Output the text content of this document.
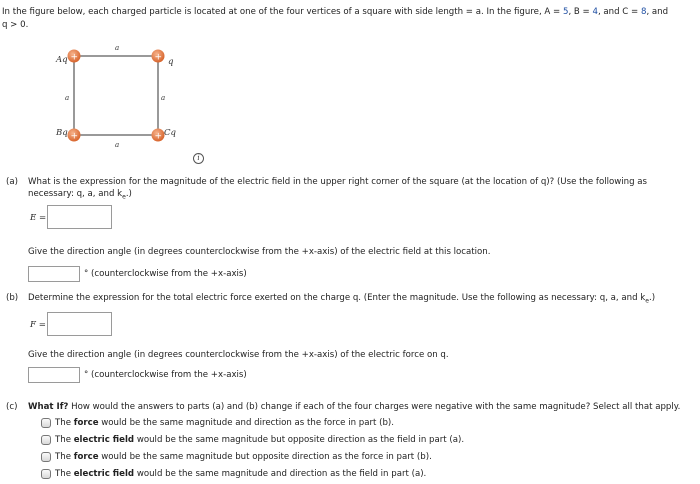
In the figure below, each charged particle is located at one of the four vertices of a square with side length = a. In the figure, A = 5, B = 4, and C = 8, and
q > 0.
+	+
+	+
Aq	q
Bq	Cq
a
a	a
a
i
(a) What is the expression for the magnitude of the electric field in the upper right corner of the square (at the location of q)? (Use the following as
necessary: q, a, and $k_e$.)
E =
Give the direction angle (in degrees counterclockwise from the +x-axis) of the electric field at this location.
° (counterclockwise from the +x-axis)
(b) Determine the expression for the total electric force exerted on the charge q. (Enter the magnitude. Use the following as necessary: q, a, and $k_e$.)
F =
Give the direction angle (in degrees counterclockwise from the +x-axis) of the electric force on q.
° (counterclockwise from the +x-axis)
(c) What If? How would the answers to parts (a) and (b) change if each of the four charges were negative with the same magnitude? Select all that apply.
The force would be the same magnitude and direction as the force in part (b).
The electric field would be the same magnitude but opposite direction as the field in part (a).
The force would be the same magnitude but opposite direction as the force in part (b).
The electric field would be the same magnitude and direction as the field in part (a).
